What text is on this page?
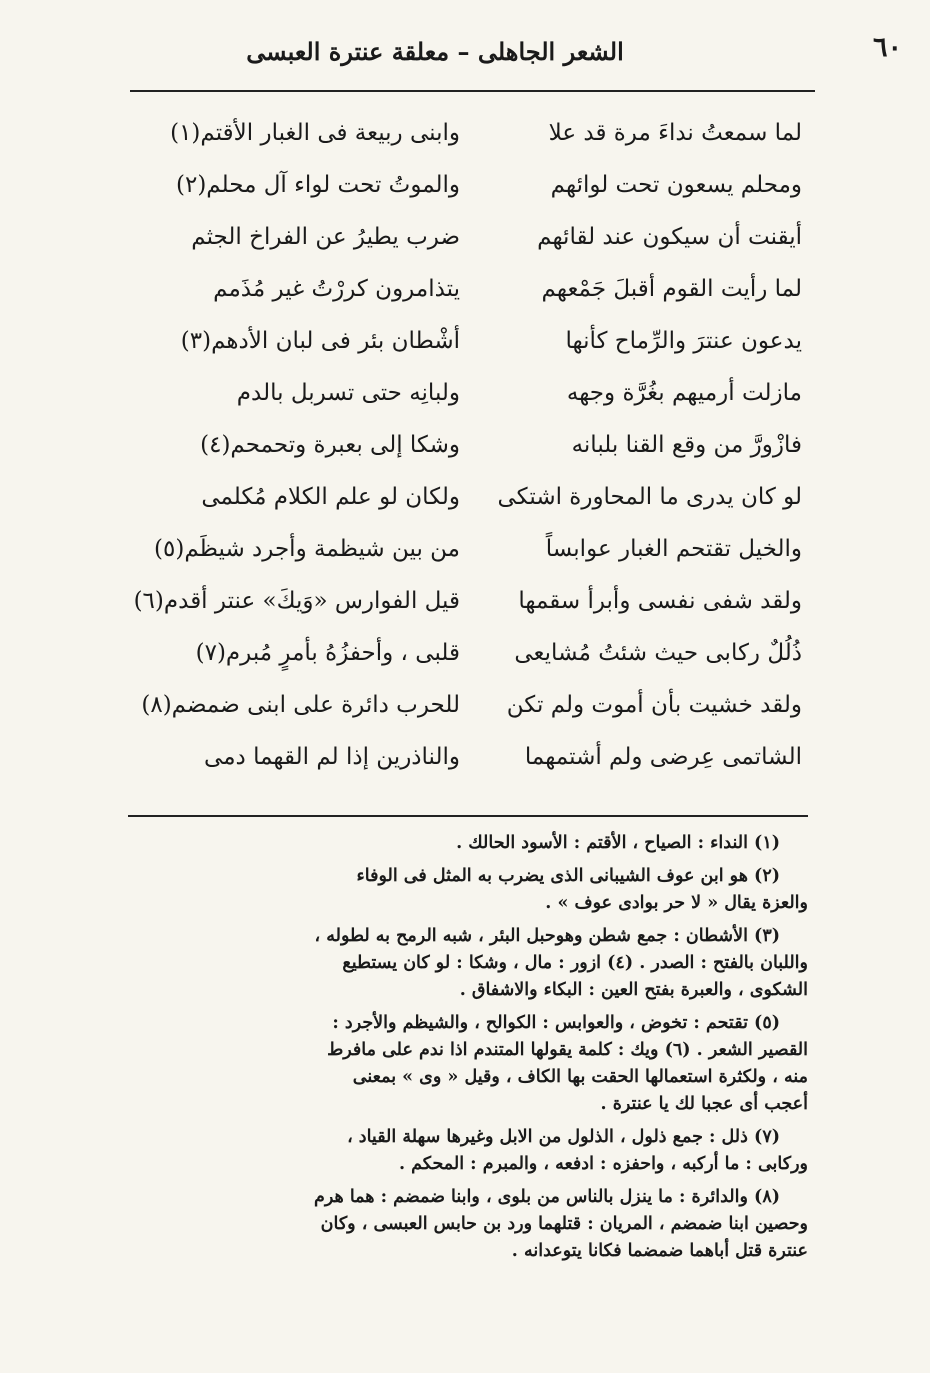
٦٠
الشعر الجاهلى – معلقة عنترة العبسى
لما سمعتُ نداءَ مرة قد علا
وابنى ربيعة فى الغبار الأقتم(١)
ومحلم يسعون تحت لوائهم
والموتُ تحت لواء آل محلم(٢)
أيقنت أن سيكون عند لقائهم
ضرب يطيرُ عن الفراخ الجثم
لما رأيت القوم أقبلَ جَمْعهم
يتذامرون كررْتُ غير مُذَمم
يدعون عنترَ والرِّماح كأنها
أشْطان بئر فى لبان الأدهم(٣)
مازلت أرميهم بغُرَّة وجهه
ولبانِه حتى تسربل بالدم
فازْورَّ من وقع القنا بلبانه
وشكا إلى بعبرة وتحمحم(٤)
لو كان يدرى ما المحاورة اشتكى
ولكان لو علم الكلام مُكلمى
والخيل تقتحم الغبار عوابساً
من بين شيظمة وأجرد شيظَم(٥)
ولقد شفى نفسى وأبرأ سقمها
قيل الفوارس «وَيكَ» عنتر أقدم(٦)
ذُلُلٌ ركابى حيث شئتُ مُشايعى
قلبى ، وأحفزُهُ بأمرٍ مُبرم(٧)
ولقد خشيت بأن أموت ولم تكن
للحرب دائرة على ابنى ضمضم(٨)
الشاتمى عِرضى ولم أشتمهما
والناذرين إذا لم القهما دمى
(١) النداء : الصياح ، الأقتم : الأسود الحالك .
(٢) هو ابن عوف الشيبانى الذى يضرب به المثل فى الوفاء
والعزة يقال « لا حر بوادى عوف » .
(٣) الأشطان : جمع شطن وهوحبل البئر ، شبه الرمح به لطوله ،
واللبان بالفتح : الصدر . (٤) ازور : مال ، وشكا : لو كان يستطيع
الشكوى ، والعبرة بفتح العين : البكاء والاشفاق .
(٥) تقتحم : تخوض ، والعوابس : الكوالح ، والشيظم والأجرد :
القصير الشعر . (٦) ويك : كلمة يقولها المتندم اذا ندم على مافرط
منه ، ولكثرة استعمالها الحقت بها الكاف ، وقيل « وى » بمعنى
أعجب أى عجبا لك يا عنترة .
(٧) ذلل : جمع ذلول ، الذلول من الابل وغيرها سهلة القياد ،
وركابى : ما أركبه ، واحفزه : ادفعه ، والمبرم : المحكم .
(٨) والدائرة : ما ينزل بالناس من بلوى ، وابنا ضمضم : هما هرم
وحصين ابنا ضمضم ، المريان : قتلهما ورد بن حابس العبسى ، وكان
عنترة قتل أباهما ضمضما فكانا يتوعدانه .
